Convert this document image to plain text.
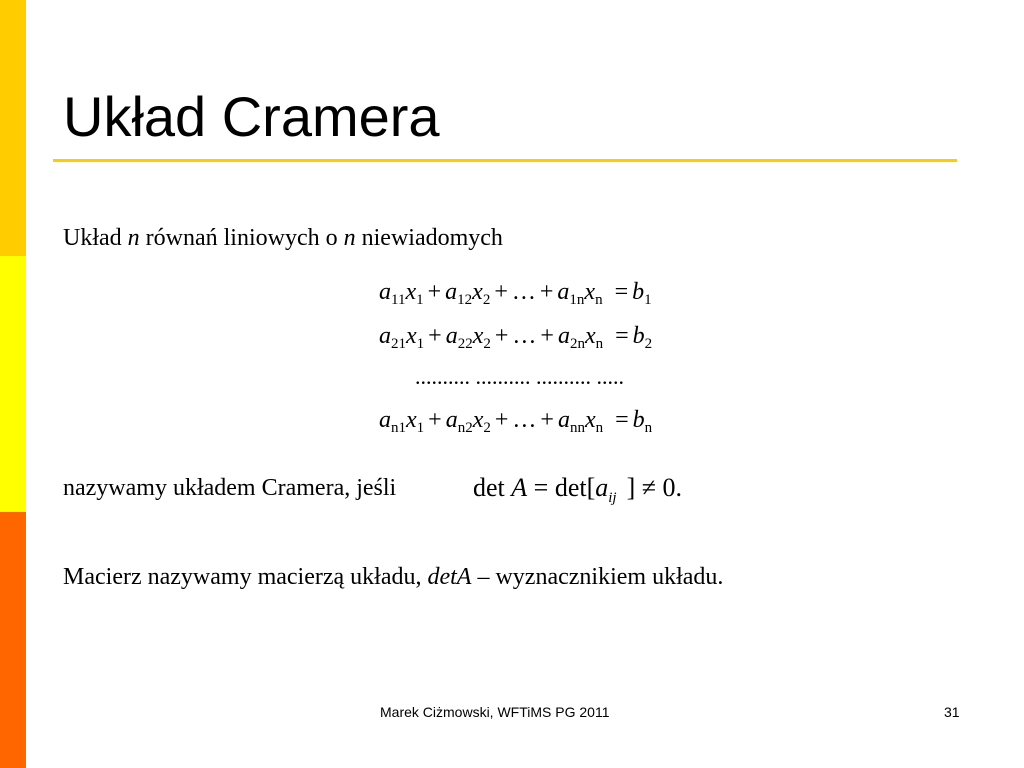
Układ Cramera
Układ n równań liniowych o n niewiadomych
$a_{11}x_1 + a_{12}x_2$ + … + $a_{1n}x_n = b_1$
$a_{21}x_1 + a_{22}x_2$ + … + $a_{2n}x_n = b_2$
.......... .......... .......... .....
$a_{n1}x_1 + a_{n2}x_2$ + … + $a_{nn}x_n = b_n$
nazywamy układem Cramera, jeśli	$\det A = \det[a_{ij}$ ] ≠ 0.
Macierz nazywamy macierzą układu, detA – wyznacznikiem układu.
Marek Ciżmowski, WFTiMS PG 2011	31
